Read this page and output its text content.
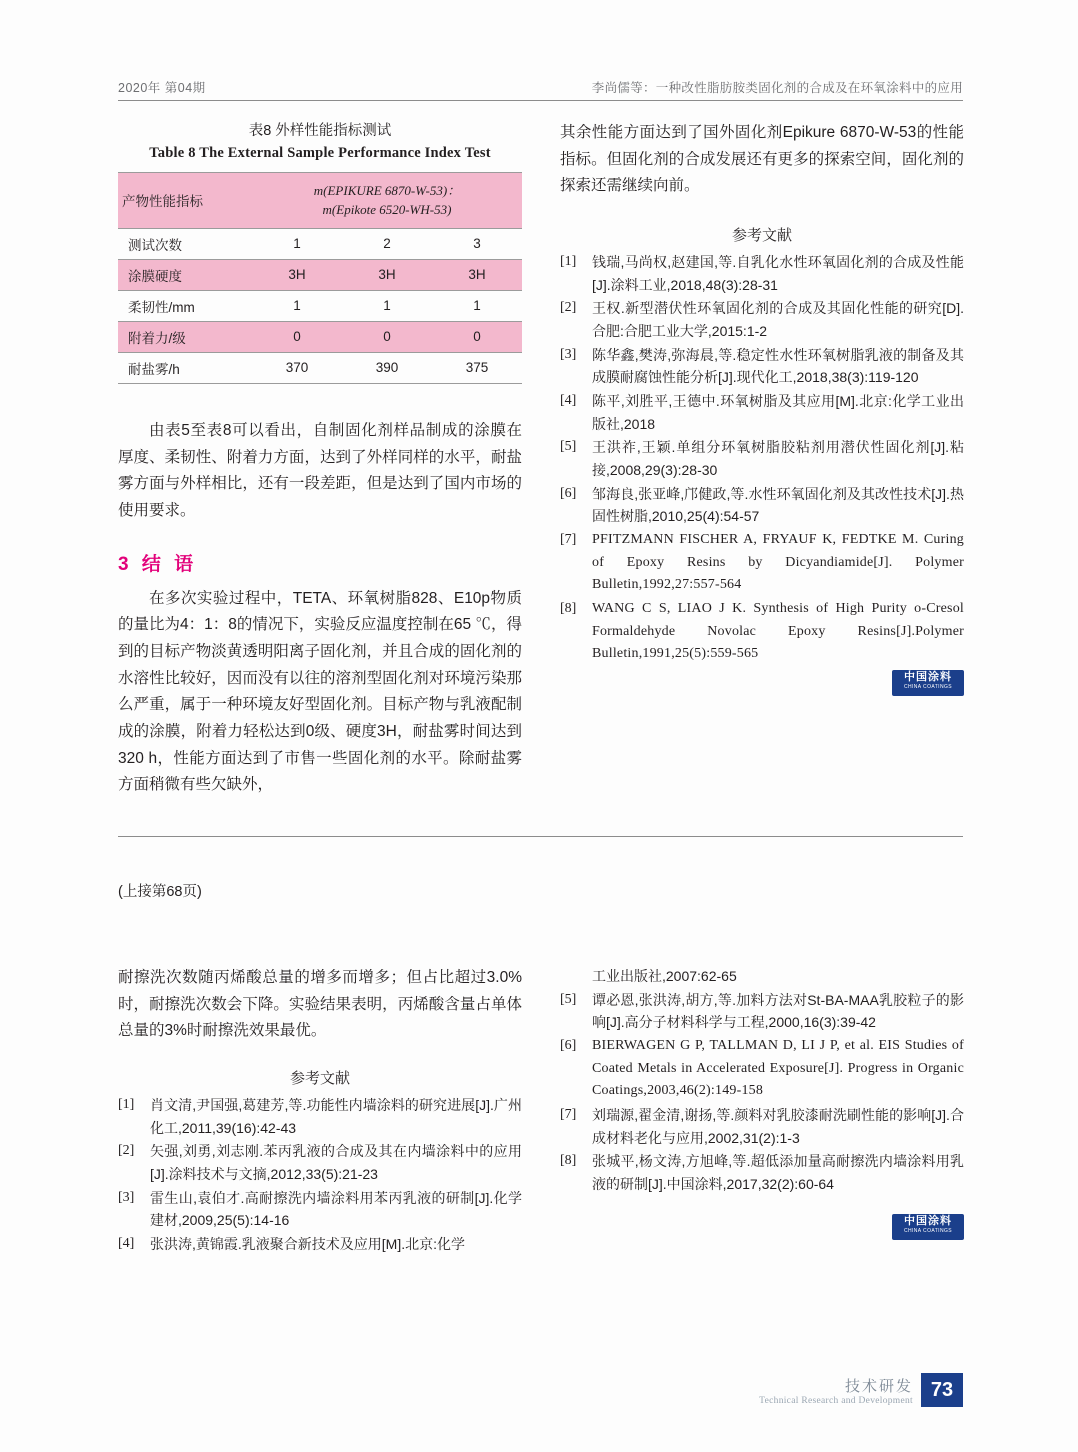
2020年 第04期	李尚儒等：一种改性脂肪胺类固化剂的合成及在环氧涂料中的应用
表8 外样性能指标测试
Table 8 The External Sample Performance Index Test
产物性能指标	m(EPIKURE 6870-W-53)：
m(Epikote 6520-WH-53)		

测试次数	1	2	3
涂膜硬度	3H	3H	3H
柔韧性/mm	1	1	1
附着力/级	0	0	0
耐盐雾/h	370	390	375

由表5至表8可以看出，自制固化剂样品制成的涂膜在厚度、柔韧性、附着力方面，达到了外样同样的水平，耐盐雾方面与外样相比，还有一段差距，但是达到了国内市场的使用要求。

3 结 语

在多次实验过程中，TETA、环氧树脂828、E10p物质的量比为4：1：8的情况下，实验反应温度控制在65 ℃，得到的目标产物淡黄透明阳离子固化剂，并且合成的固化剂的水溶性比较好，因而没有以往的溶剂型固化剂对环境污染那么严重，属于一种环境友好型固化剂。目标产物与乳液配制成的涂膜，附着力轻松达到0级、硬度3H，耐盐雾时间达到320 h，性能方面达到了市售一些固化剂的水平。除耐盐雾方面稍微有些欠缺外，

其余性能方面达到了国外固化剂Epikure 6870-W-53的性能指标。但固化剂的合成发展还有更多的探索空间，固化剂的探索还需继续向前。

参考文献
[1]	钱瑞,马尚权,赵建国,等.自乳化水性环氧固化剂的合成及性能[J].涂料工业,2018,48(3):28-31
[2]	王权.新型潜伏性环氧固化剂的合成及其固化性能的研究[D].合肥:合肥工业大学,2015:1-2
[3]	陈华鑫,樊涛,弥海晨,等.稳定性水性环氧树脂乳液的制备及其成膜耐腐蚀性能分析[J].现代化工,2018,38(3):119-120
[4]	陈平,刘胜平,王德中.环氧树脂及其应用[M].北京:化学工业出版社,2018
[5]	王洪祚,王颖.单组分环氧树脂胶粘剂用潜伏性固化剂[J].粘接,2008,29(3):28-30
[6]	邹海良,张亚峰,邝健政,等.水性环氧固化剂及其改性技术[J].热固性树脂,2010,25(4):54-57
[7]	PFITZMANN FISCHER A, FRYAUF K, FEDTKE M. Curing of Epoxy Resins by Dicyandiamide[J]. Polymer Bulletin,1992,27:557-564
[8]	WANG C S, LIAO J K. Synthesis of High Purity o-Cresol Formaldehyde Novolac Epoxy Resins[J].Polymer Bulletin,1991,25(5):559-565
中国涂料
CHINA COATINGS
(上接第68页)

耐擦洗次数随丙烯酸总量的增多而增多；但占比超过3.0%时，耐擦洗次数会下降。实验结果表明，丙烯酸含量占单体总量的3%时耐擦洗效果最优。

参考文献
[1]	肖文清,尹国强,葛建芳,等.功能性内墙涂料的研究进展[J].广州化工,2011,39(16):42-43
[2]	矢强,刘勇,刘志刚.苯丙乳液的合成及其在内墙涂料中的应用[J].涂料技术与文摘,2012,33(5):21-23
[3]	雷生山,袁伯才.高耐擦洗内墙涂料用苯丙乳液的研制[J].化学建材,2009,25(5):14-16
[4]	张洪涛,黄锦霞.乳液聚合新技术及应用[M].北京:化学
工业出版社,2007:62-65
[5]	谭必恩,张洪涛,胡方,等.加料方法对St-BA-MAA乳胶粒子的影响[J].高分子材料科学与工程,2000,16(3):39-42
[6]	BIERWAGEN G P, TALLMAN D, LI J P, et al. EIS Studies of Coated Metals in Accelerated Exposure[J]. Progress in Organic Coatings,2003,46(2):149-158
[7]	刘瑞源,翟金清,谢扬,等.颜料对乳胶漆耐洗刷性能的影响[J].合成材料老化与应用,2002,31(2):1-3
[8]	张城平,杨文涛,方旭峰,等.超低添加量高耐擦洗内墙涂料用乳液的研制[J].中国涂料,2017,32(2):60-64
中国涂料
CHINA COATINGS
技术研发
Technical Research and Development 73
